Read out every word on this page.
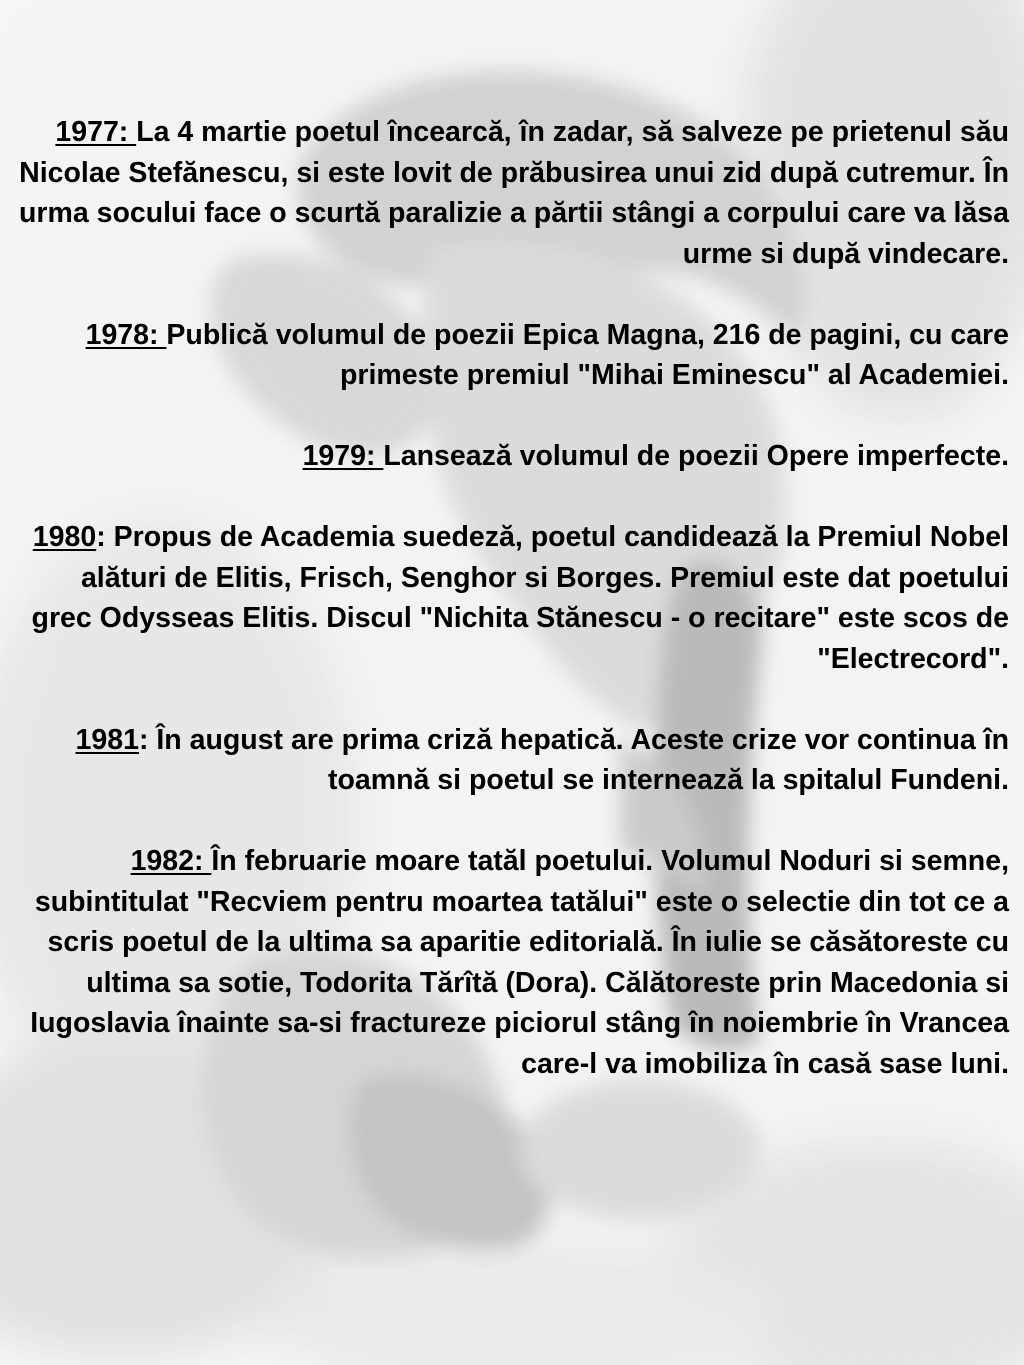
1977: La 4 martie poetul încearcă, în zadar, să salveze pe prietenul său Nicolae Stefănescu, si este lovit de prăbusirea unui zid după cutremur. În urma socului face o scurtă paralizie a părtii stângi a corpului care va lăsa urme si după vindecare.

1978: Publică volumul de poezii Epica Magna, 216 de pagini, cu care primeste premiul "Mihai Eminescu" al Academiei.

1979: Lansează volumul de poezii Opere imperfecte.

1980: Propus de Academia suedeză, poetul candidează la Premiul Nobel alături de Elitis, Frisch, Senghor si Borges. Premiul este dat poetului grec Odysseas Elitis. Discul "Nichita Stănescu - o recitare" este scos de "Electrecord".

1981: În august are prima criză hepatică. Aceste crize vor continua în toamnă si poetul se internează la spitalul Fundeni.

1982: În februarie moare tatăl poetului. Volumul Noduri si semne, subintitulat "Recviem pentru moartea tatălui" este o selectie din tot ce a scris poetul de la ultima sa aparitie editorială. În iulie se căsătoreste cu ultima sa sotie, Todorita Tărîtă (Dora). Călătoreste prin Macedonia si Iugoslavia înainte sa-si fractureze piciorul stâng în noiembrie în Vrancea care-l va imobiliza în casă sase luni.
